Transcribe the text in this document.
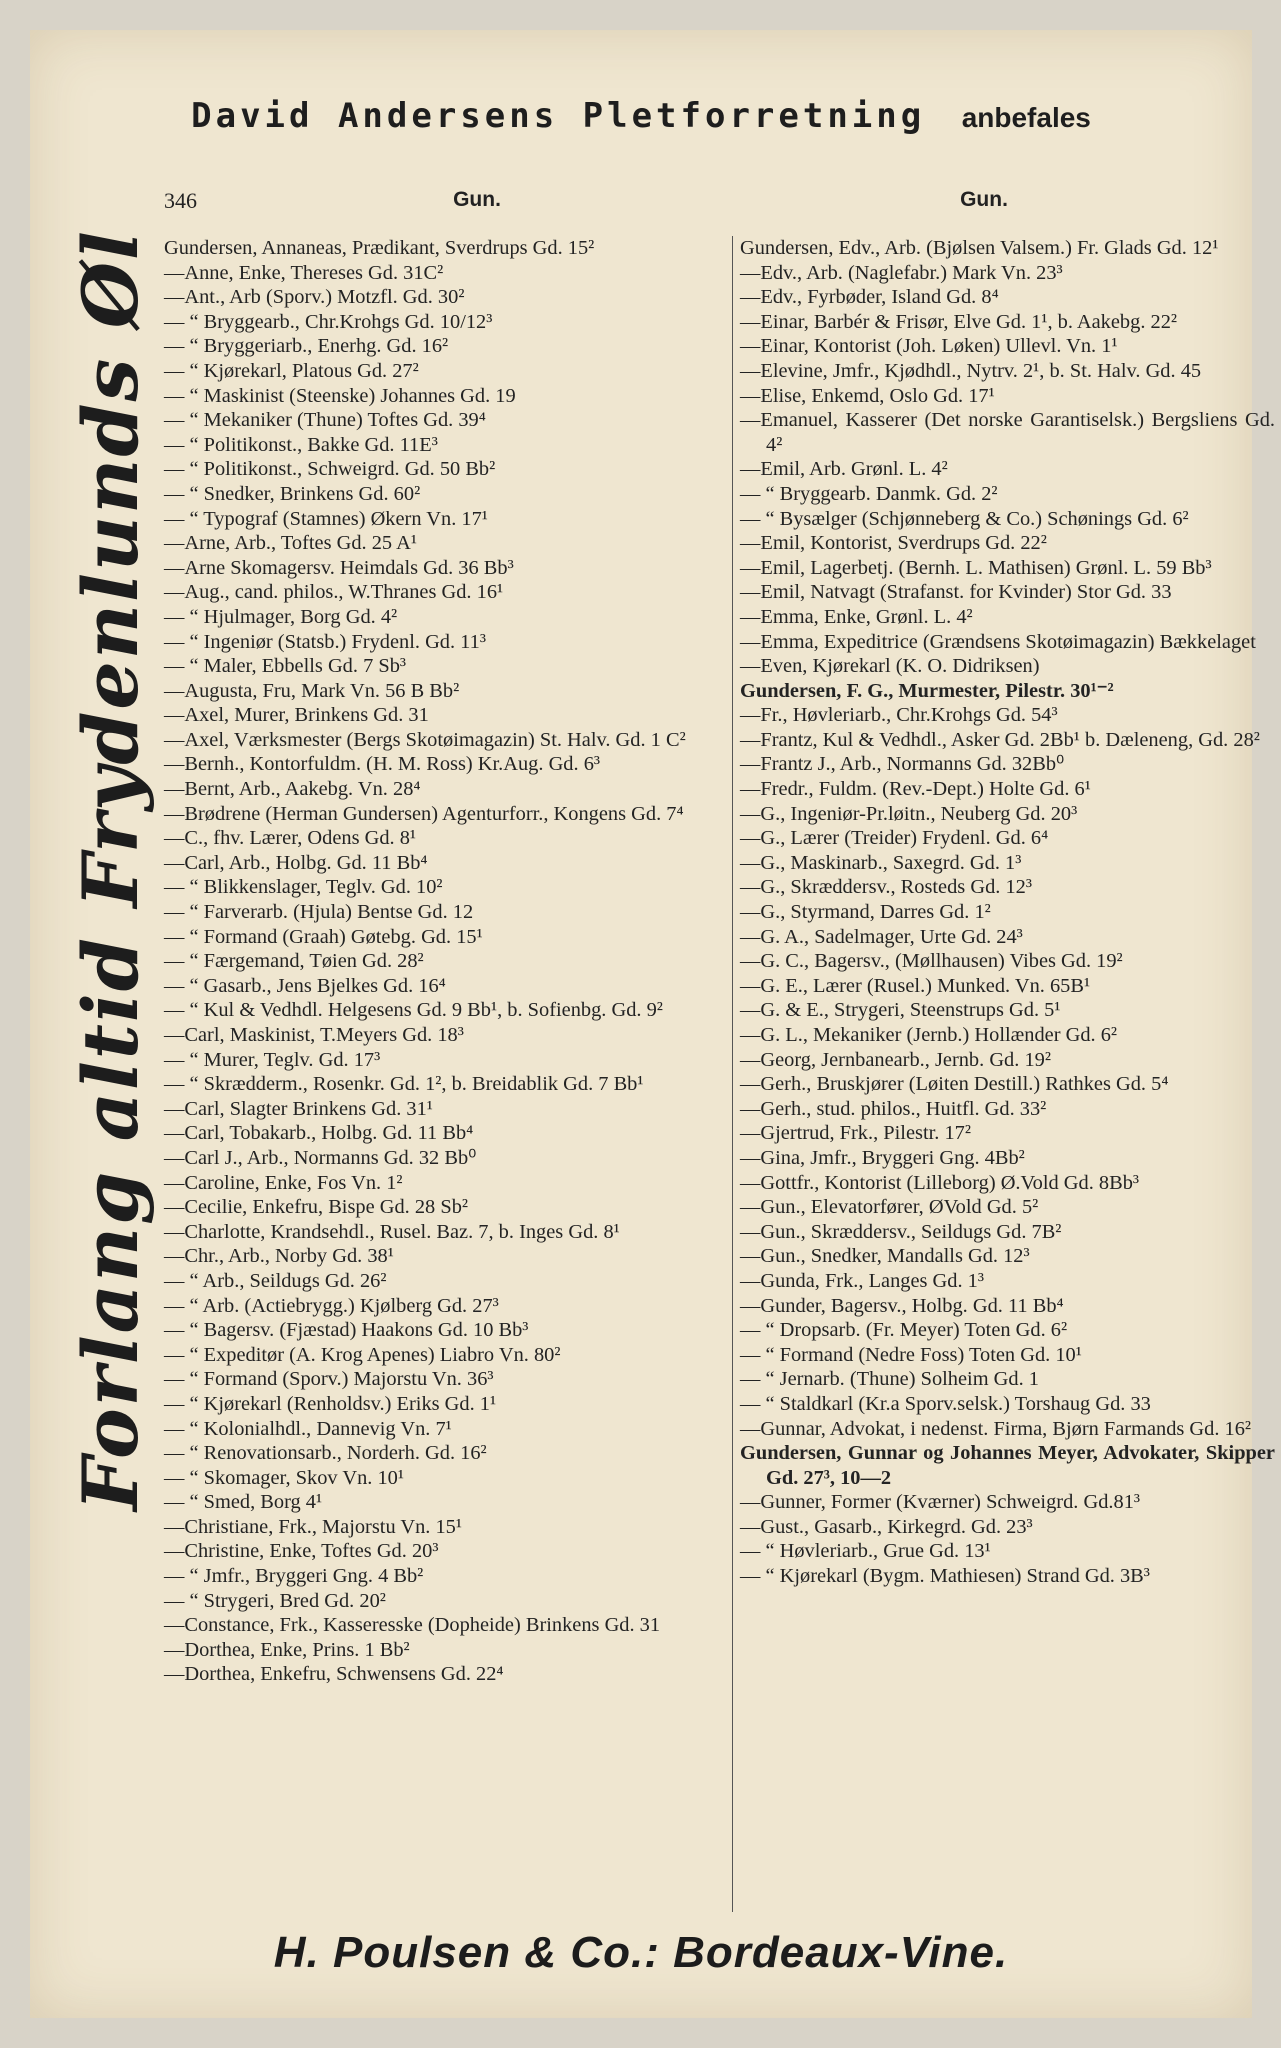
David Andersens Pletforretning anbefales
346	Gun.	Gun.
Forlang altid Frydenlunds Øl Gundersen, Annaneas, Prædikant, Sverdrups Gd. 15²

—Anne, Enke, Thereses Gd. 31C²

—Ant., Arb (Sporv.) Motzfl. Gd. 30²

— “ Bryggearb., Chr.Krohgs Gd. 10/12³

— “ Bryggeriarb., Enerhg. Gd. 16²

— “ Kjørekarl, Platous Gd. 27²

— “ Maskinist (Steenske) Johannes Gd. 19

— “ Mekaniker (Thune) Toftes Gd. 39⁴

— “ Politikonst., Bakke Gd. 11E³

— “ Politikonst., Schweigrd. Gd. 50 Bb²

— “ Snedker, Brinkens Gd. 60²

— “ Typograf (Stamnes) Økern Vn. 17¹

—Arne, Arb., Toftes Gd. 25 A¹

—Arne Skomagersv. Heimdals Gd. 36 Bb³

—Aug., cand. philos., W.Thranes Gd. 16¹

— “ Hjulmager, Borg Gd. 4²

— “ Ingeniør (Statsb.) Frydenl. Gd. 11³

— “ Maler, Ebbells Gd. 7 Sb³

—Augusta, Fru, Mark Vn. 56 B Bb²

—Axel, Murer, Brinkens Gd. 31

—Axel, Værksmester (Bergs Skotøimagazin) St. Halv. Gd. 1 C²

—Bernh., Kontorfuldm. (H. M. Ross) Kr.Aug. Gd. 6³

—Bernt, Arb., Aakebg. Vn. 28⁴

—Brødrene (Herman Gundersen) Agenturforr., Kongens Gd. 7⁴

—C., fhv. Lærer, Odens Gd. 8¹

—Carl, Arb., Holbg. Gd. 11 Bb⁴

— “ Blikkenslager, Teglv. Gd. 10²

— “ Farverarb. (Hjula) Bentse Gd. 12

— “ Formand (Graah) Gøtebg. Gd. 15¹

— “ Færgemand, Tøien Gd. 28²

— “ Gasarb., Jens Bjelkes Gd. 16⁴

— “ Kul & Vedhdl. Helgesens Gd. 9 Bb¹, b. Sofienbg. Gd. 9²

—Carl, Maskinist, T.Meyers Gd. 18³

— “ Murer, Teglv. Gd. 17³

— “ Skrædderm., Rosenkr. Gd. 1², b. Breidablik Gd. 7 Bb¹

—Carl, Slagter Brinkens Gd. 31¹

—Carl, Tobakarb., Holbg. Gd. 11 Bb⁴

—Carl J., Arb., Normanns Gd. 32 Bb⁰

—Caroline, Enke, Fos Vn. 1²

—Cecilie, Enkefru, Bispe Gd. 28 Sb²

—Charlotte, Krandsehdl., Rusel. Baz. 7, b. Inges Gd. 8¹

—Chr., Arb., Norby Gd. 38¹

— “ Arb., Seildugs Gd. 26²

— “ Arb. (Actiebrygg.) Kjølberg Gd. 27³

— “ Bagersv. (Fjæstad) Haakons Gd. 10 Bb³

— “ Expeditør (A. Krog Apenes) Liabro Vn. 80²

— “ Formand (Sporv.) Majorstu Vn. 36³

— “ Kjørekarl (Renholdsv.) Eriks Gd. 1¹

— “ Kolonialhdl., Dannevig Vn. 7¹

— “ Renovationsarb., Norderh. Gd. 16²

— “ Skomager, Skov Vn. 10¹

— “ Smed, Borg 4¹

—Christiane, Frk., Majorstu Vn. 15¹

—Christine, Enke, Toftes Gd. 20³

— “ Jmfr., Bryggeri Gng. 4 Bb²

— “ Strygeri, Bred Gd. 20²

—Constance, Frk., Kasseresske (Dopheide) Brinkens Gd. 31

—Dorthea, Enke, Prins. 1 Bb²

—Dorthea, Enkefru, Schwensens Gd. 22⁴

Gundersen, Edv., Arb. (Bjølsen Valsem.) Fr. Glads Gd. 12¹

—Edv., Arb. (Naglefabr.) Mark Vn. 23³

—Edv., Fyrbøder, Island Gd. 8⁴

—Einar, Barbér & Frisør, Elve Gd. 1¹, b. Aakebg. 22²

—Einar, Kontorist (Joh. Løken) Ullevl. Vn. 1¹

—Elevine, Jmfr., Kjødhdl., Nytrv. 2¹, b. St. Halv. Gd. 45

—Elise, Enkemd, Oslo Gd. 17¹

—Emanuel, Kasserer (Det norske Garantiselsk.) Bergsliens Gd. 4²

—Emil, Arb. Grønl. L. 4²

— “ Bryggearb. Danmk. Gd. 2²

— “ Bysælger (Schjønneberg & Co.) Schønings Gd. 6²

—Emil, Kontorist, Sverdrups Gd. 22²

—Emil, Lagerbetj. (Bernh. L. Mathisen) Grønl. L. 59 Bb³

—Emil, Natvagt (Strafanst. for Kvinder) Stor Gd. 33

—Emma, Enke, Grønl. L. 4²

—Emma, Expeditrice (Grændsens Skotøimagazin) Bækkelaget

—Even, Kjørekarl (K. O. Didriksen)

Gundersen, F. G., Murmester, Pilestr. 30¹⁻²

—Fr., Høvleriarb., Chr.Krohgs Gd. 54³

—Frantz, Kul & Vedhdl., Asker Gd. 2Bb¹ b. Dæleneng, Gd. 28²

—Frantz J., Arb., Normanns Gd. 32Bb⁰

—Fredr., Fuldm. (Rev.-Dept.) Holte Gd. 6¹

—G., Ingeniør-Pr.løitn., Neuberg Gd. 20³

—G., Lærer (Treider) Frydenl. Gd. 6⁴

—G., Maskinarb., Saxegrd. Gd. 1³

—G., Skræddersv., Rosteds Gd. 12³

—G., Styrmand, Darres Gd. 1²

—G. A., Sadelmager, Urte Gd. 24³

—G. C., Bagersv., (Møllhausen) Vibes Gd. 19²

—G. E., Lærer (Rusel.) Munked. Vn. 65B¹

—G. & E., Strygeri, Steenstrups Gd. 5¹

—G. L., Mekaniker (Jernb.) Hollænder Gd. 6²

—Georg, Jernbanearb., Jernb. Gd. 19²

—Gerh., Bruskjører (Løiten Destill.) Rathkes Gd. 5⁴

—Gerh., stud. philos., Huitfl. Gd. 33²

—Gjertrud, Frk., Pilestr. 17²

—Gina, Jmfr., Bryggeri Gng. 4Bb²

—Gottfr., Kontorist (Lilleborg) Ø.Vold Gd. 8Bb³

—Gun., Elevatorfører, ØVold Gd. 5²

—Gun., Skræddersv., Seildugs Gd. 7B²

—Gun., Snedker, Mandalls Gd. 12³

—Gunda, Frk., Langes Gd. 1³

—Gunder, Bagersv., Holbg. Gd. 11 Bb⁴

— “ Dropsarb. (Fr. Meyer) Toten Gd. 6²

— “ Formand (Nedre Foss) Toten Gd. 10¹

— “ Jernarb. (Thune) Solheim Gd. 1

— “ Staldkarl (Kr.a Sporv.selsk.) Torshaug Gd. 33

—Gunnar, Advokat, i nedenst. Firma, Bjørn Farmands Gd. 16²

Gundersen, Gunnar og Johannes Meyer, Advokater, Skipper Gd. 27³, 10—2

—Gunner, Former (Kværner) Schweigrd. Gd.81³

—Gust., Gasarb., Kirkegrd. Gd. 23³

— “ Høvleriarb., Grue Gd. 13¹

— “ Kjørekarl (Bygm. Mathiesen) Strand Gd. 3B³

H. Poulsen & Co.: Bordeaux-Vine.
